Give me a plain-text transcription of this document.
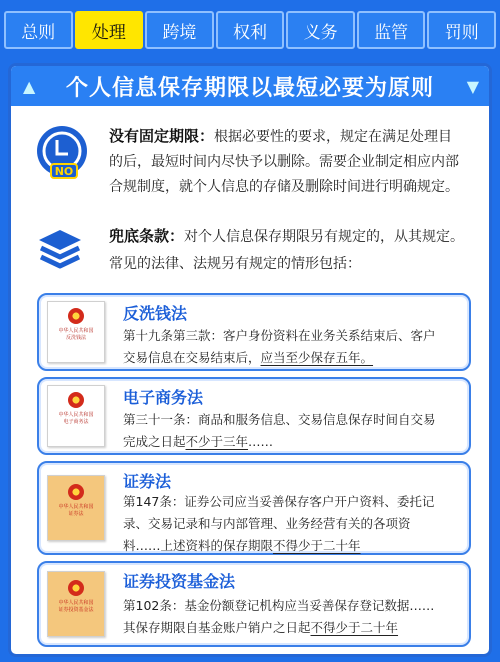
总则	处理	跨境	权利	义务	监管	罚则
▲	个人信息保存期限以最短必要为原则	▼
NO
没有固定期限：根据必要性的要求，规定在满足处理目
的后，最短时间内尽快予以删除。需要企业制定相应内部
合规制度，就个人信息的存储及删除时间进行明确规定。
兜底条款：对个人信息保存期限另有规定的，从其规定。
常见的法律、法规另有规定的情形包括：
中华人民共和国
反洗钱法
反洗钱法
第十九条第三款：客户身份资料在业务关系结束后、客户
交易信息在交易结束后，应当至少保存五年。
中华人民共和国
电子商务法
电子商务法
第三十一条：商品和服务信息、交易信息保存时间自交易
完成之日起不少于三年……
中华人民共和国
证券法
证券法
第147条：证券公司应当妥善保存客户开户资料、委托记
录、交易记录和与内部管理、业务经营有关的各项资
料……上述资料的保存期限不得少于二十年
中华人民共和国
证券投资基金法
证券投资基金法
第102条：基金份额登记机构应当妥善保存登记数据……
其保存期限自基金账户销户之日起不得少于二十年
